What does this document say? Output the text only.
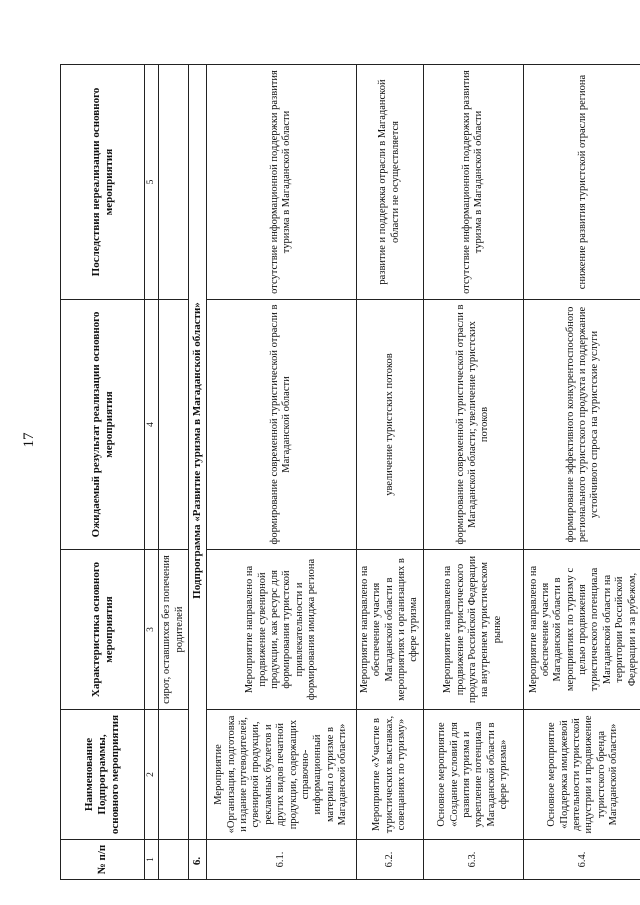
17
№ п/п	Наименование Подпрограммы, основного мероприятия	Характеристика основного мероприятия	Ожидаемый результат реализации основного мероприятия	Последствия нереализации основного мероприятия
1	2	3	4	5
		сирот, оставшихся без попечения родителей		
6.	Подпрограмма «Развитие туризма в Магаданской области»			
6.1.	Мероприятие «Организация, подготовка и издание путеводителей, сувенирной продукции, рекламных буклетов и других видов печатной продукции, содержащих справочно-информационный материал о туризме в Магаданской области»	Мероприятие направлено на продвижение сувенирной продукции, как ресурс для формирования туристской привлекательности и формирования имиджа региона	формирование современной туристической отрасли в Магаданской области	отсутствие информационной поддержки развития туризма в Магаданской области
6.2.	Мероприятие «Участие в туристических выставках, совещаниях по туризму»	Мероприятие направлено на обеспечение участия Магаданской области в мероприятиях и организациях в сфере туризма	увеличение туристских потоков	развитие и поддержка отрасли в Магаданской области не осуществляется
6.3.	Основное мероприятие «Создание условий для развития туризма и укрепление потенциала Магаданской области в сфере туризма»	Мероприятие направлено на продвижение туристического продукта Российской Федерации на внутреннем туристическом рынке	формирование современной туристической отрасли в Магаданской области; увеличение туристских потоков	отсутствие информационной поддержки развития туризма в Магаданской области
6.4.	Основное мероприятие «Поддержка имиджевой деятельности туристской индустрии и продвижение туристского бренда Магаданской области»	Мероприятие направлено на обеспечение участия Магаданской области в мероприятиях по туризму с целью продвижения туристического потенциала Магаданской области на территории Российской Федерации и за рубежом,	формирование эффективного конкурентоспособного регионального туристского продукта и поддержание устойчивого спроса на туристские услуги	снижение развития туристской отрасли региона
